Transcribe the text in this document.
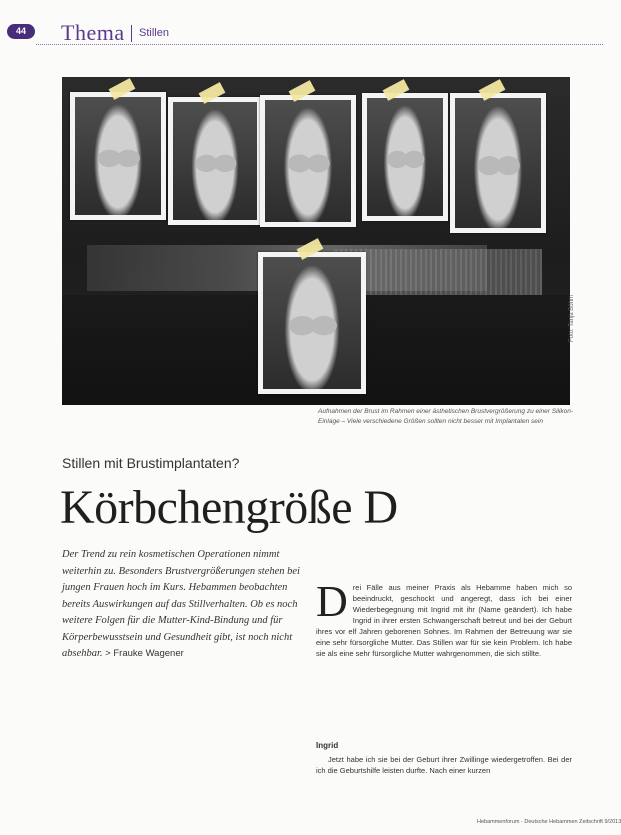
44	Thema Stillen
Foto: Tanja Böhm
Aufnahmen der Brust im Rahmen einer ästhetischen Brustvergrößerung zu einer Silikon-Einlage – Viele verschiedene Größen sollten nicht besser mit Implantaten sein
Stillen mit Brustimplantaten?
Körbchengröße D
Der Trend zu rein kosmetischen Operationen nimmt weiterhin zu. Besonders Brustvergrößerungen stehen bei jungen Frauen hoch im Kurs. Hebammen beobachten bereits Auswirkungen auf das Stillverhalten. Ob es noch weitere Folgen für die Mutter-Kind-Bindung und für Körperbewusstsein und Gesundheit gibt, ist noch nicht absehbar. > Frauke Wagener
D rei Fälle aus meiner Praxis als Hebamme haben mich so beeindruckt, geschockt und angeregt, dass ich bei einer Wiederbegegnung mit Ingrid mit ihr (Name geändert). Ich habe Ingrid in ihrer ersten Schwangerschaft betreut und bei der Geburt ihres vor elf Jahren geborenen Sohnes. Im Rahmen der Betreuung war sie eine sehr fürsorgliche Mutter. Das Stillen war für sie kein Problem. Ich habe sie als eine sehr fürsorgliche Mutter wahrgenommen, die sich stillte.

Ingrid
Jetzt habe ich sie bei der Geburt ihrer Zwillinge wiedergetroffen. Bei der ich die Geburtshilfe leisten durfte. Nach einer kurzen
Hebammenforum · Deutsche Hebammen Zeitschrift 9/2013
